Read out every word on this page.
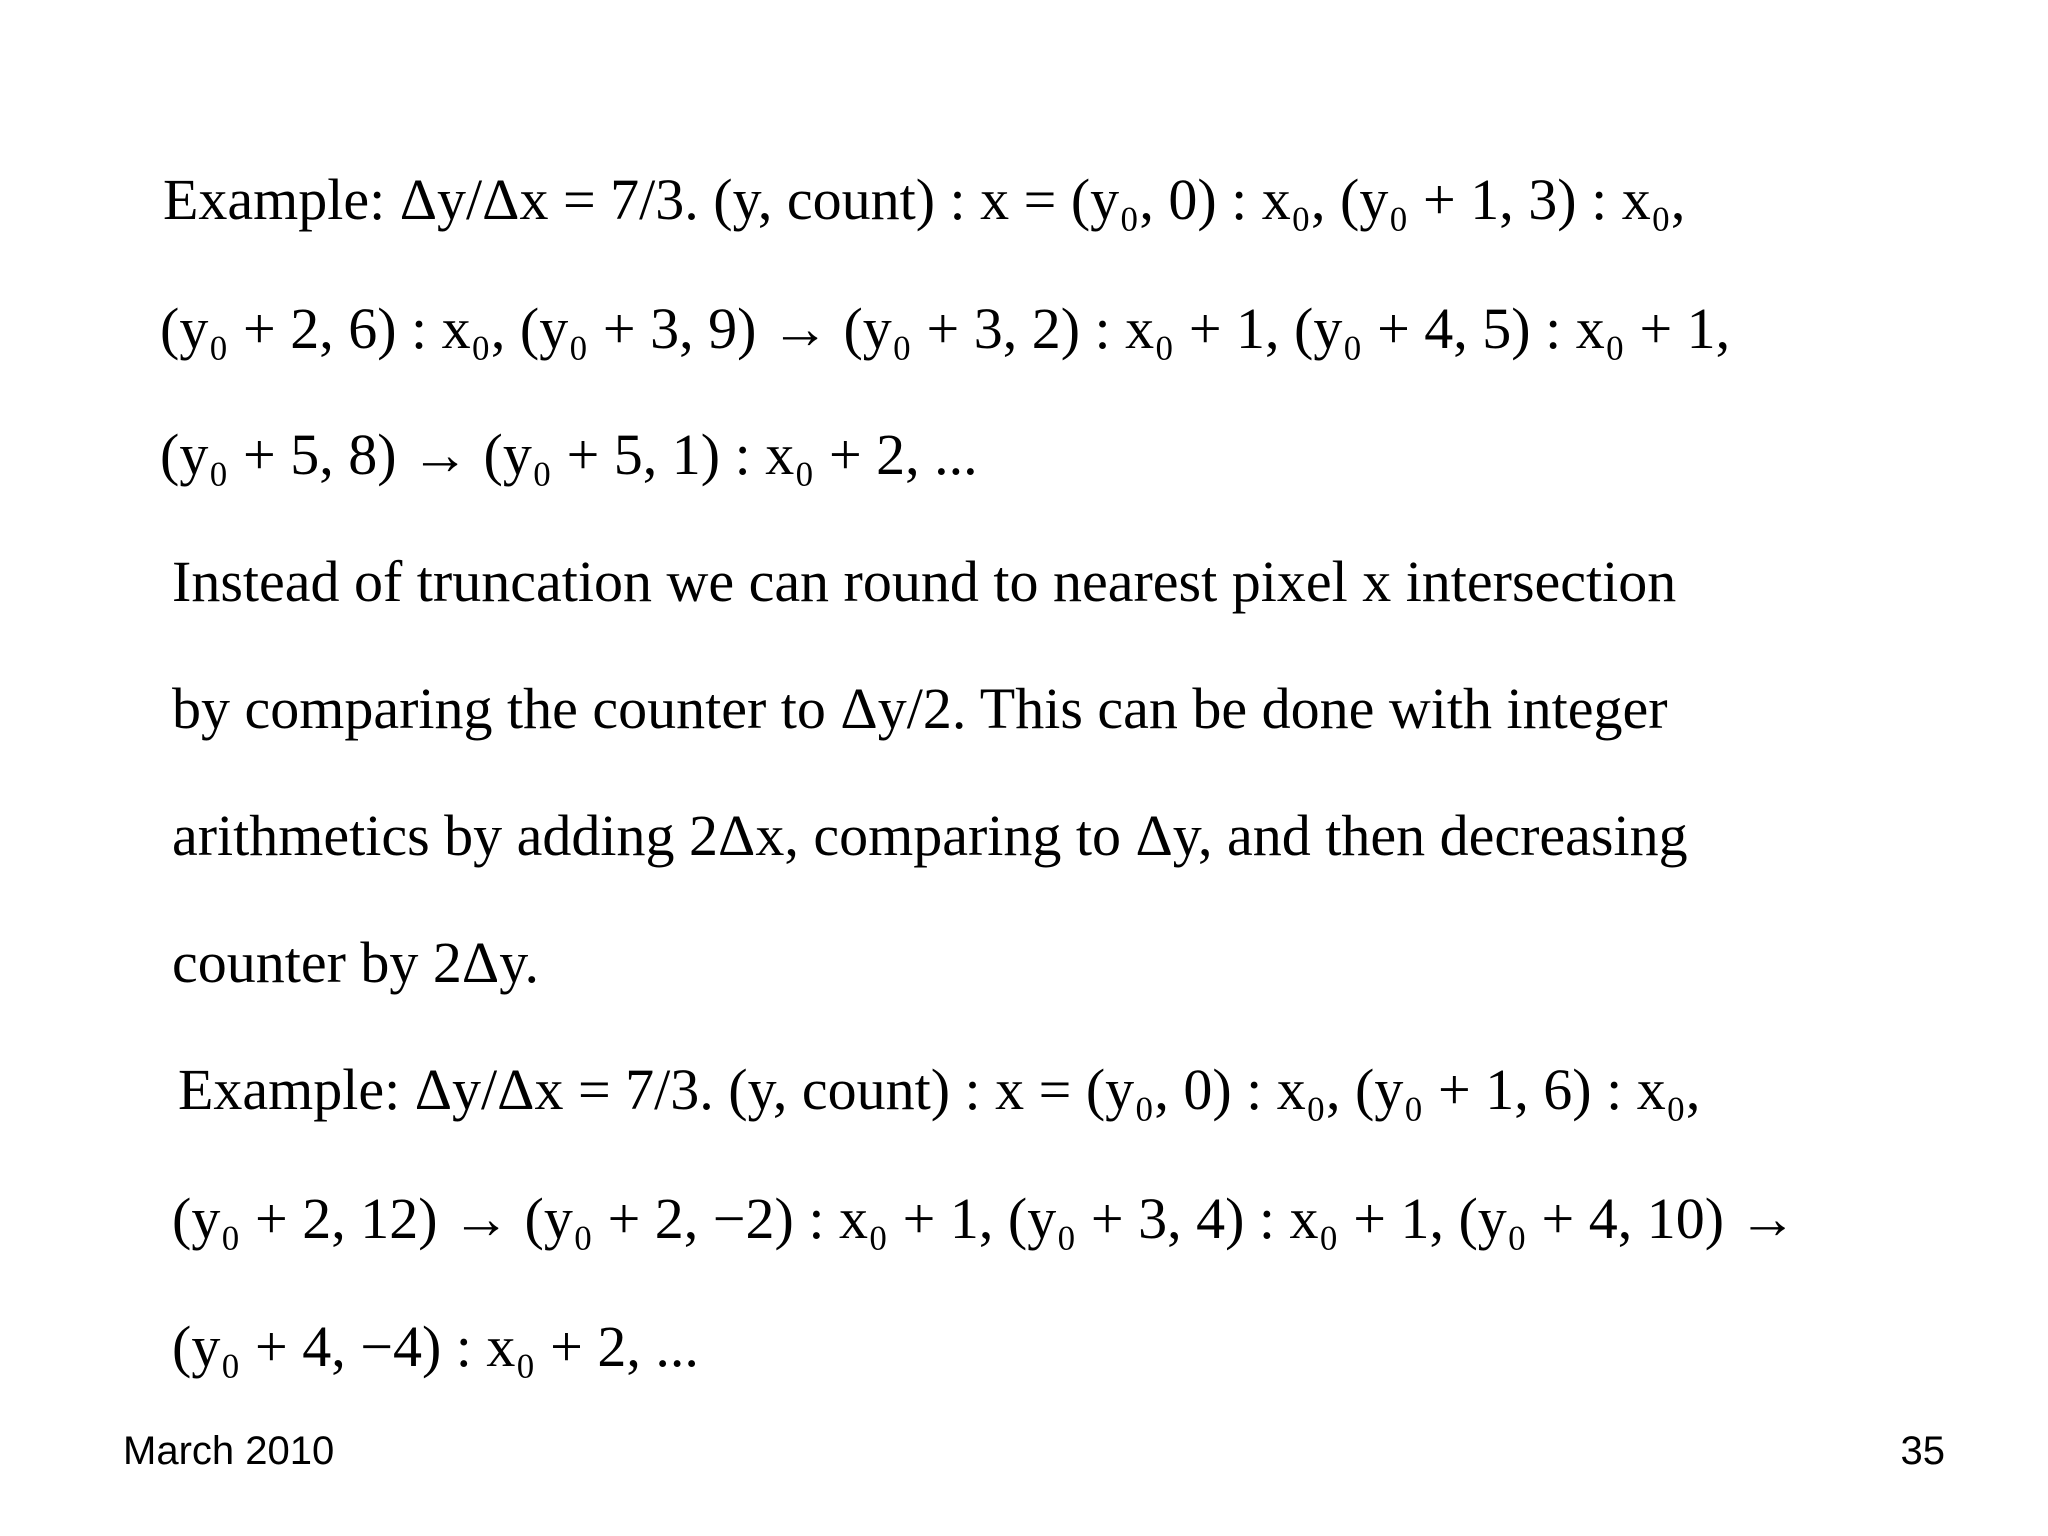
Example: Δy/Δx = 7/3. (y, count) : x = (y₀, 0) : x₀, (y₀ + 1, 3) : x₀,
(y₀ + 2, 6) : x₀, (y₀ + 3, 9) → (y₀ + 3, 2) : x₀ + 1, (y₀ + 4, 5) : x₀ + 1,
(y₀ + 5, 8) → (y₀ + 5, 1) : x₀ + 2, ...
Instead of truncation we can round to nearest pixel x intersection
by comparing the counter to Δy/2. This can be done with integer
arithmetics by adding 2Δx, comparing to Δy, and then decreasing
counter by 2Δy.
Example: Δy/Δx = 7/3. (y, count) : x = (y₀, 0) : x₀, (y₀ + 1, 6) : x₀,
(y₀ + 2, 12) → (y₀ + 2, −2) : x₀ + 1, (y₀ + 3, 4) : x₀ + 1, (y₀ + 4, 10) →
(y₀ + 4, −4) : x₀ + 2, ...
March 2010	35
